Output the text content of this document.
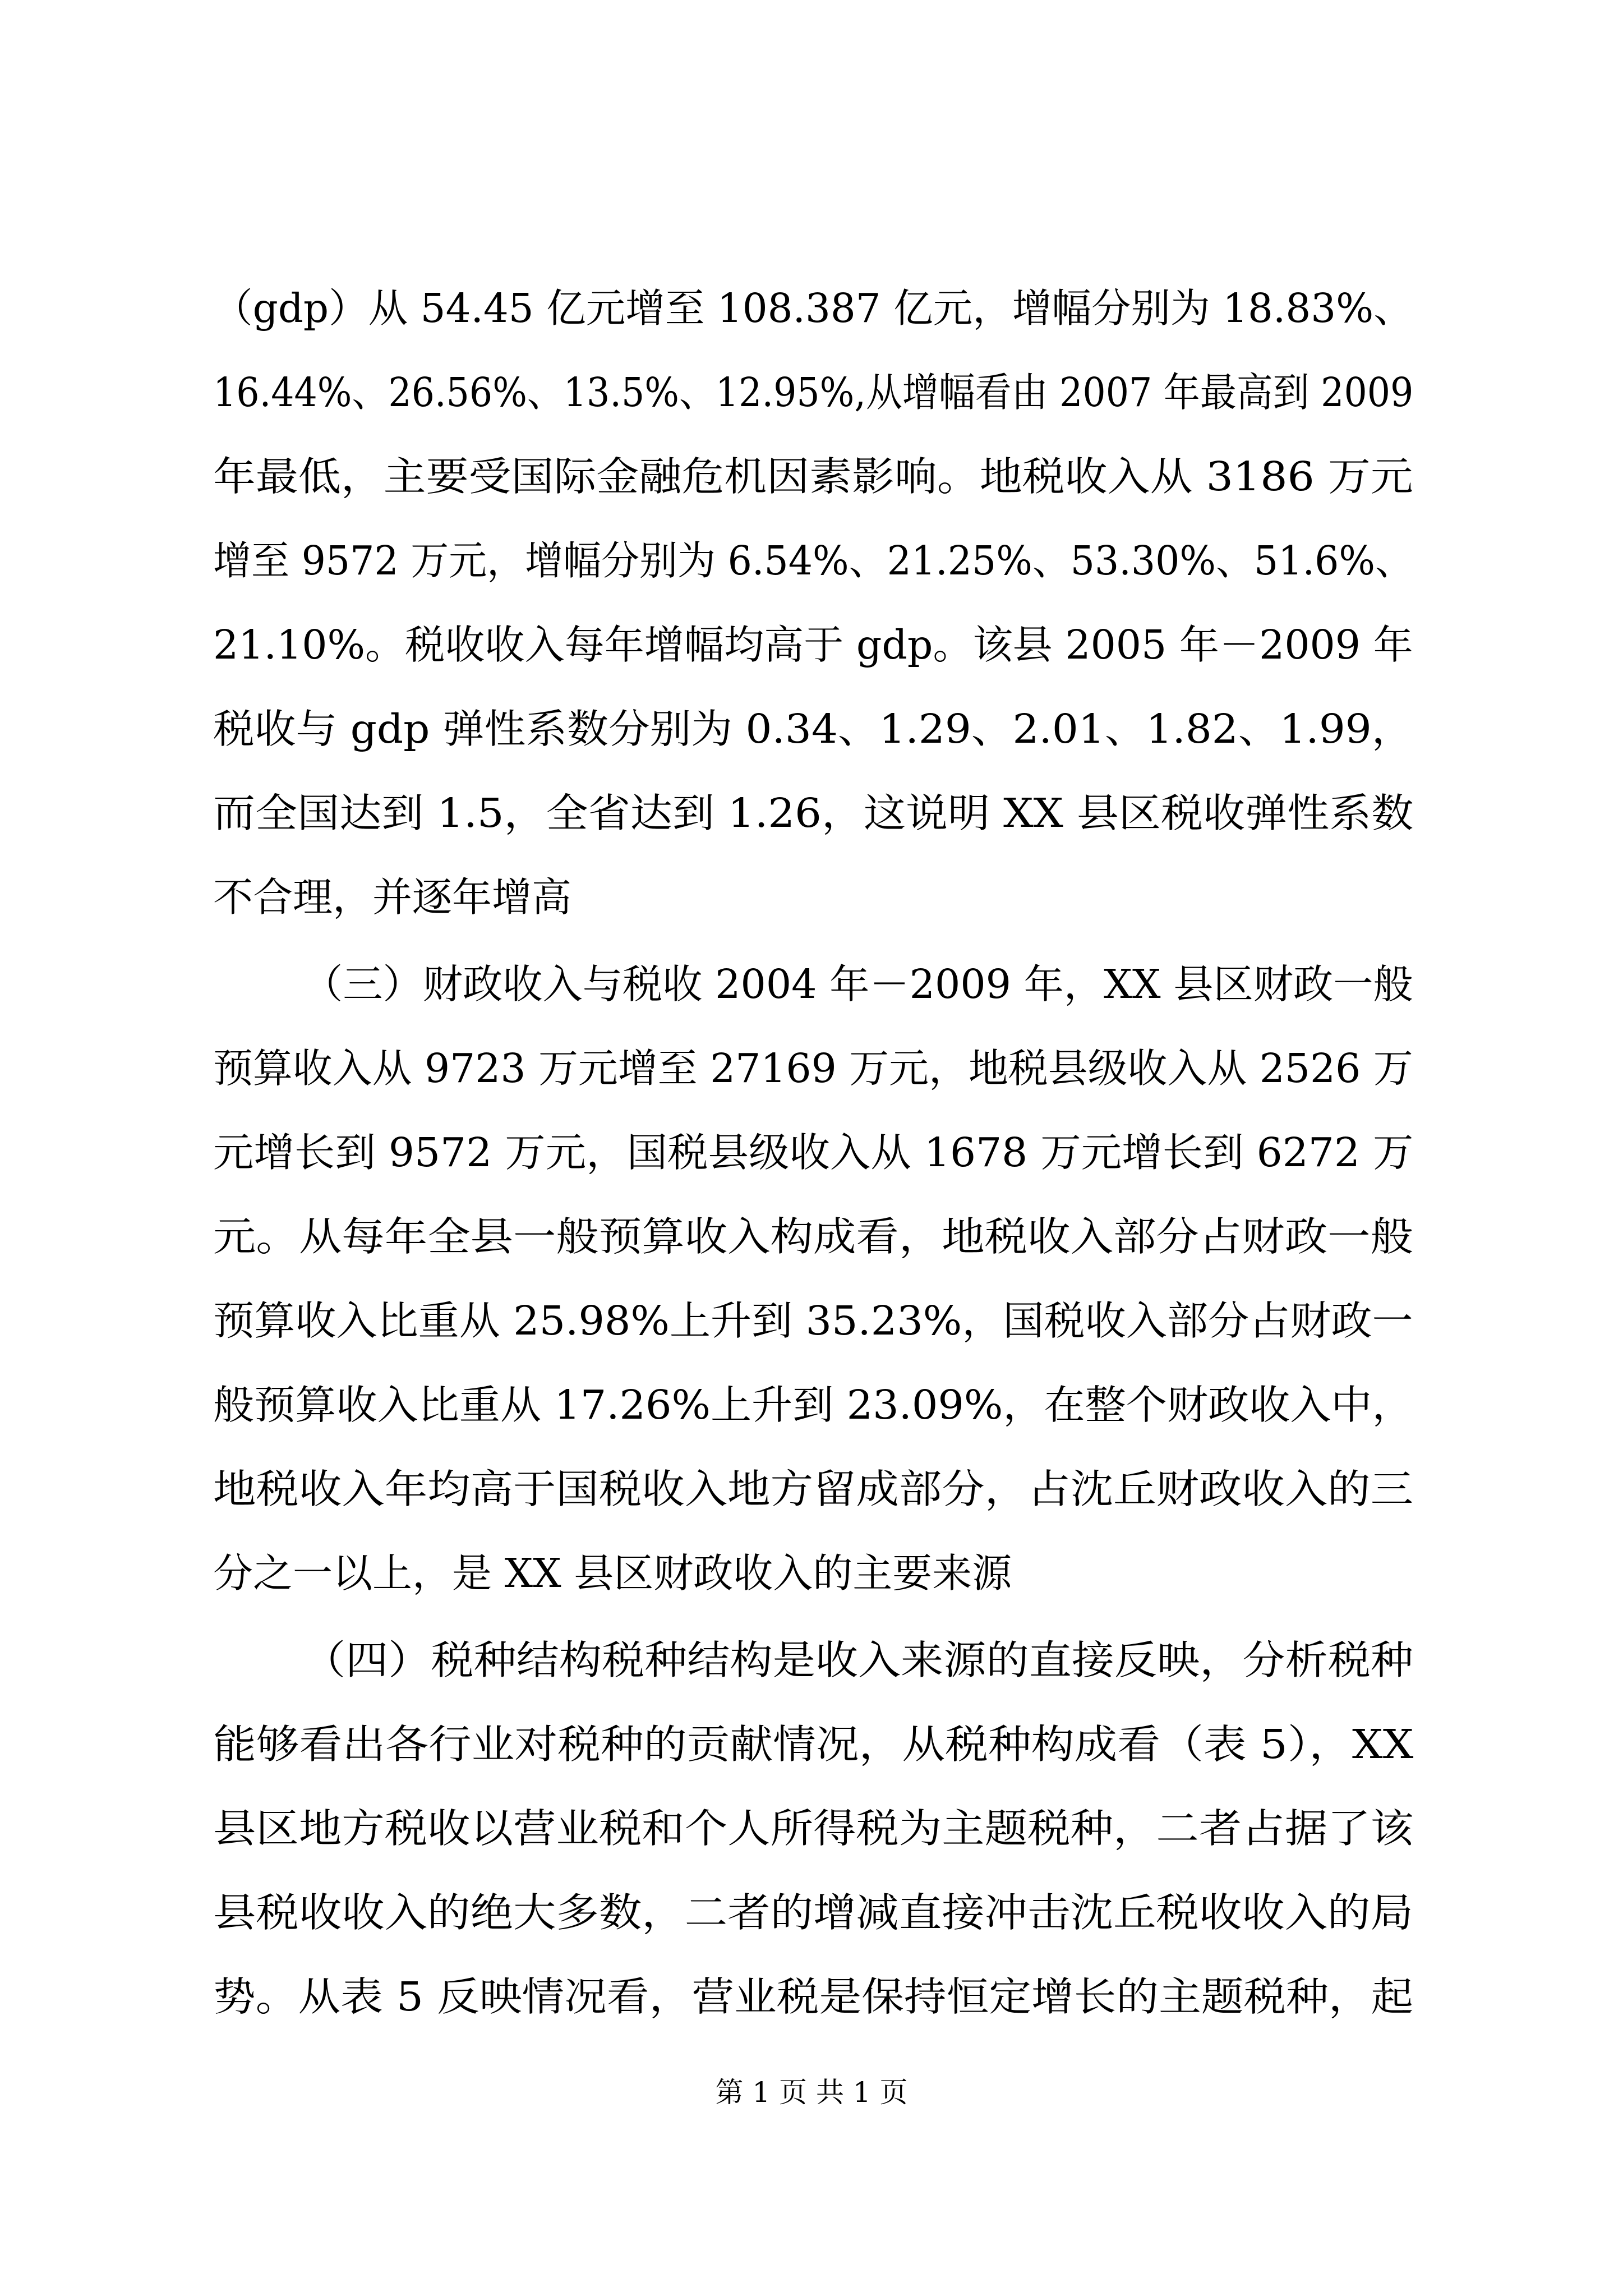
（gdp）从 54.45 亿元增至 108.387 亿元，增幅分别为 18.83%、
16.44%、26.56%、13.5%、12.95%,从增幅看由 2007 年最高到 2009
年最低，主要受国际金融危机因素影响。地税收入从 3186 万元
增至 9572 万元，增幅分别为 6.54%、21.25%、53.30%、51.6%、
21.10%。税收收入每年增幅均高于 gdp。该县 2005 年－2009 年
税收与 gdp 弹性系数分别为 0.34、1.29、2.01、1.82、1.99，
而全国达到 1.5，全省达到 1.26，这说明 XX 县区税收弹性系数
不合理，并逐年增高
（三）财政收入与税收 2004 年－2009 年，XX 县区财政一般
预算收入从 9723 万元增至 27169 万元，地税县级收入从 2526 万
元增长到 9572 万元，国税县级收入从 1678 万元增长到 6272 万
元。从每年全县一般预算收入构成看，地税收入部分占财政一般
预算收入比重从 25.98%上升到 35.23%，国税收入部分占财政一
般预算收入比重从 17.26%上升到 23.09%，在整个财政收入中，
地税收入年均高于国税收入地方留成部分，占沈丘财政收入的三
分之一以上，是 XX 县区财政收入的主要来源
（四）税种结构税种结构是收入来源的直接反映，分析税种
能够看出各行业对税种的贡献情况，从税种构成看（表 5），XX
县区地方税收以营业税和个人所得税为主题税种，二者占据了该
县税收收入的绝大多数，二者的增减直接冲击沈丘税收收入的局
势。从表 5 反映情况看，营业税是保持恒定增长的主题税种，起
第 1 页 共 1 页
